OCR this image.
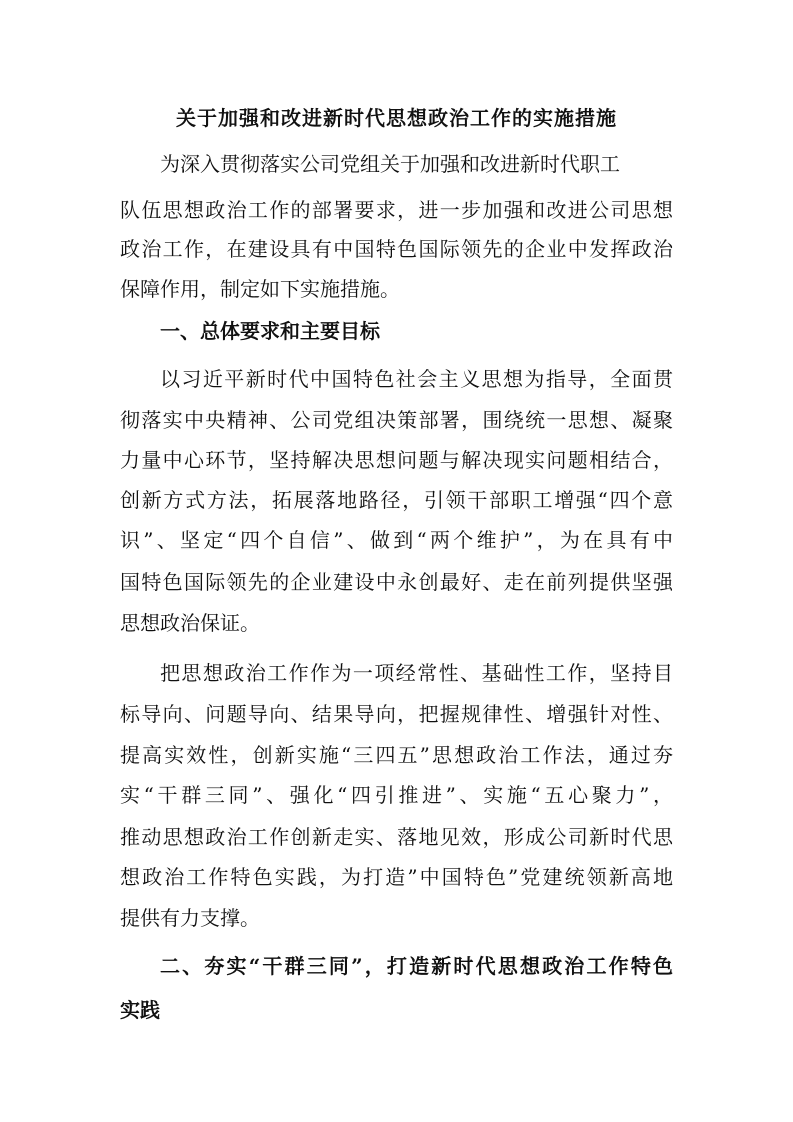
关于加强和改进新时代思想政治工作的实施措施
为深入贯彻落实公司党组关于加强和改进新时代职工
队伍思想政治工作的部署要求，进一步加强和改进公司思想
政治工作，在建设具有中国特色国际领先的企业中发挥政治
保障作用，制定如下实施措施。
一、总体要求和主要目标
以习近平新时代中国特色社会主义思想为指导，全面贯
彻落实中央精神、公司党组决策部署，围绕统一思想、凝聚
力量中心环节，坚持解决思想问题与解决现实问题相结合，
创新方式方法，拓展落地路径，引领干部职工增强“四个意
识”、坚定“四个自信”、做到“两个维护”，为在具有中
国特色国际领先的企业建设中永创最好、走在前列提供坚强
思想政治保证。
把思想政治工作作为一项经常性、基础性工作，坚持目
标导向、问题导向、结果导向，把握规律性、增强针对性、
提高实效性，创新实施“三四五”思想政治工作法，通过夯
实“干群三同”、强化“四引推进”、实施“五心聚力”，
推动思想政治工作创新走实、落地见效，形成公司新时代思
想政治工作特色实践，为打造”中国特色”党建统领新高地
提供有力支撑。
二、夯实“干群三同”，打造新时代思想政治工作特色
实践
